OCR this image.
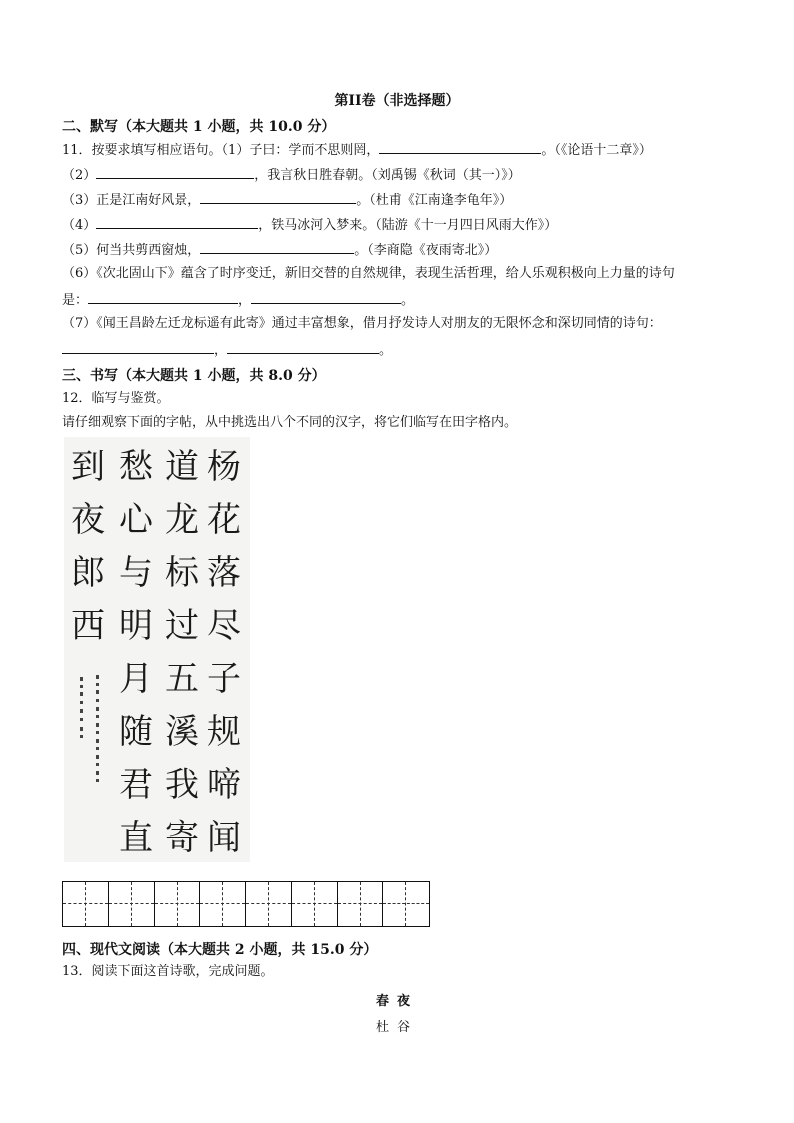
第II卷（非选择题）
二、默写（本大题共 1 小题，共 10.0 分）
11．按要求填写相应语句。（1）子曰：学而不思则罔，	。（《论语十二章》）
（2）	，我言秋日胜春朝。（刘禹锡《秋词（其一）》）
（3）正是江南好风景，	。（杜甫《江南逢李龟年》）
（4）	，铁马冰河入梦来。（陆游《十一月四日风雨大作》）
（5）何当共剪西窗烛，	。（李商隐《夜雨寄北》）
（6）《次北固山下》蕴含了时序变迁，新旧交替的自然规律，表现生活哲理，给人乐观积极向上力量的诗句
是：	，	。
（7）《闻王昌龄左迁龙标遥有此寄》通过丰富想象，借月抒发诗人对朋友的无限怀念和深切同情的诗句：
，	。
三、书写（本大题共 1 小题，共 8.0 分）
12．临写与鉴赏。
请仔细观察下面的字帖，从中挑选出八个不同的汉字，将它们临写在田字格内。
杨
花
落
尽
子
规
啼
闻
道
龙
标
过
五
溪
我
寄
愁
心
与
明
月
随
君
直
到
夜
郎
西
四、现代文阅读（本大题共 2 小题，共 15.0 分）
13．阅读下面这首诗歌，完成问题。
春夜
杜谷
